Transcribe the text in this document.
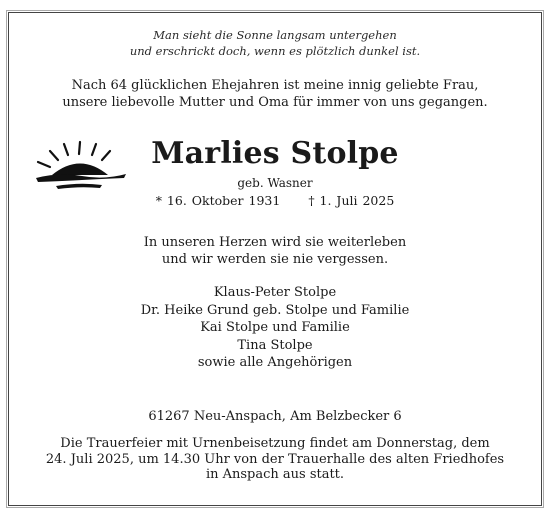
Man sieht die Sonne langsam untergehen
und erschrickt doch, wenn es plötzlich dunkel ist.
Nach 64 glücklichen Ehejahren ist meine innig geliebte Frau,
unsere liebevolle Mutter und Oma für immer von uns gegangen.
Marlies Stolpe
geb. Wasner
* 16. Oktober 1931 † 1. Juli 2025
In unseren Herzen wird sie weiterleben
und wir werden sie nie vergessen.
Klaus-Peter Stolpe
Dr. Heike Grund geb. Stolpe und Familie
Kai Stolpe und Familie
Tina Stolpe
sowie alle Angehörigen
61267 Neu-Anspach, Am Belzbecker 6
Die Trauerfeier mit Urnenbeisetzung findet am Donnerstag, dem
24. Juli 2025, um 14.30 Uhr von der Trauerhalle des alten Friedhofes
in Anspach aus statt.
